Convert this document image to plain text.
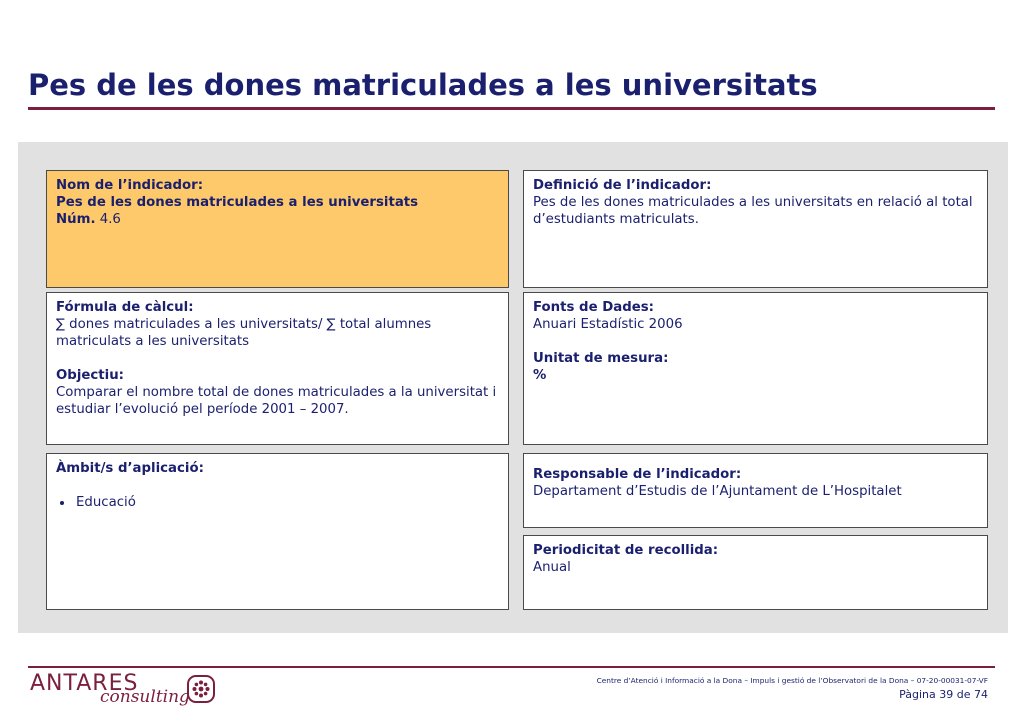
Pes de les dones matriculades a les universitats
Nom de l’indicador:
Pes de les dones matriculades a les universitats
Núm. 4.6
Definició de l’indicador:
Pes de les dones matriculades a les universitats en relació al total d’estudiants matriculats.
Fórmula de càlcul:
∑ dones matriculades a les universitats/ ∑ total alumnes matriculats a les universitats
Objectiu:
Comparar el nombre total de dones matriculades a la universitat i estudiar l’evolució pel període 2001 – 2007.
Fonts de Dades:
Anuari Estadístic 2006
Unitat de mesura:
%
Àmbit/s d’aplicació:
• Educació
Responsable de l’indicador:
Departament d’Estudis de l’Ajuntament de L’Hospitalet
Periodicitat de recollida:
Anual
ANTARES
consulting
Centre d’Atenció i Informació a la Dona – Impuls i gestió de l’Observatori de la Dona – 07-20-00031-07-VF
Pàgina 39 de 74
